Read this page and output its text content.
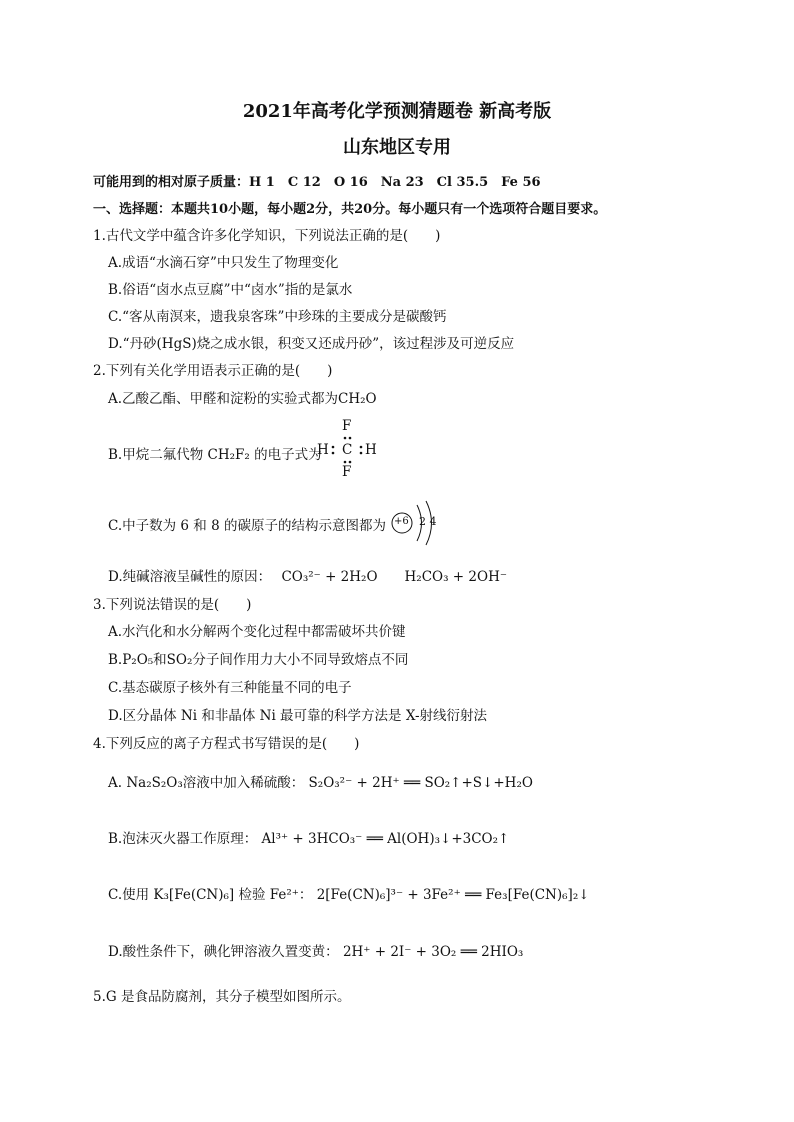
2021年高考化学预测猜题卷 新高考版
山东地区专用
可能用到的相对原子质量：H 1　C 12　O 16　Na 23　Cl 35.5　Fe 56
一、选择题：本题共10小题，每小题2分，共20分。每小题只有一个选项符合题目要求。
1.古代文学中蕴含许多化学知识，下列说法正确的是(　　)
A.成语“水滴石穿”中只发生了物理变化
B.俗语“卤水点豆腐”中“卤水”指的是氯水
C.“客从南溟来，遗我泉客珠”中珍珠的主要成分是碳酸钙
D.“丹砂(HgS)烧之成水银，积变又还成丹砂”，该过程涉及可逆反应
2.下列有关化学用语表示正确的是(　　)
A.乙酸乙酯、甲醛和淀粉的实验式都为CH₂O
B.甲烷二氟代物 CH₂F₂ 的电子式为
F
F
H C H
C.中子数为 6 和 8 的碳原子的结构示意图都为 +6 2 4
D.纯碱溶液呈碱性的原因： CO₃²⁻ + 2H₂O　　H₂CO₃ + 2OH⁻
3.下列说法错误的是(　　)
A.水汽化和水分解两个变化过程中都需破坏共价键
B.P₂O₅和SO₂分子间作用力大小不同导致熔点不同
C.基态碳原子核外有三种能量不同的电子
D.区分晶体 Ni 和非晶体 Ni 最可靠的科学方法是 X-射线衍射法
4.下列反应的离子方程式书写错误的是(　　)
A. Na₂S₂O₃溶液中加入稀硫酸： S₂O₃²⁻ + 2H⁺ ══ SO₂↑+S↓+H₂O
B.泡沫灭火器工作原理： Al³⁺ + 3HCO₃⁻ ══ Al(OH)₃↓+3CO₂↑
C.使用 K₃[Fe(CN)₆] 检验 Fe²⁺： 2[Fe(CN)₆]³⁻ + 3Fe²⁺ ══ Fe₃[Fe(CN)₆]₂↓
D.酸性条件下，碘化钾溶液久置变黄： 2H⁺ + 2I⁻ + 3O₂ ══ 2HIO₃
5.G 是食品防腐剂，其分子模型如图所示。
